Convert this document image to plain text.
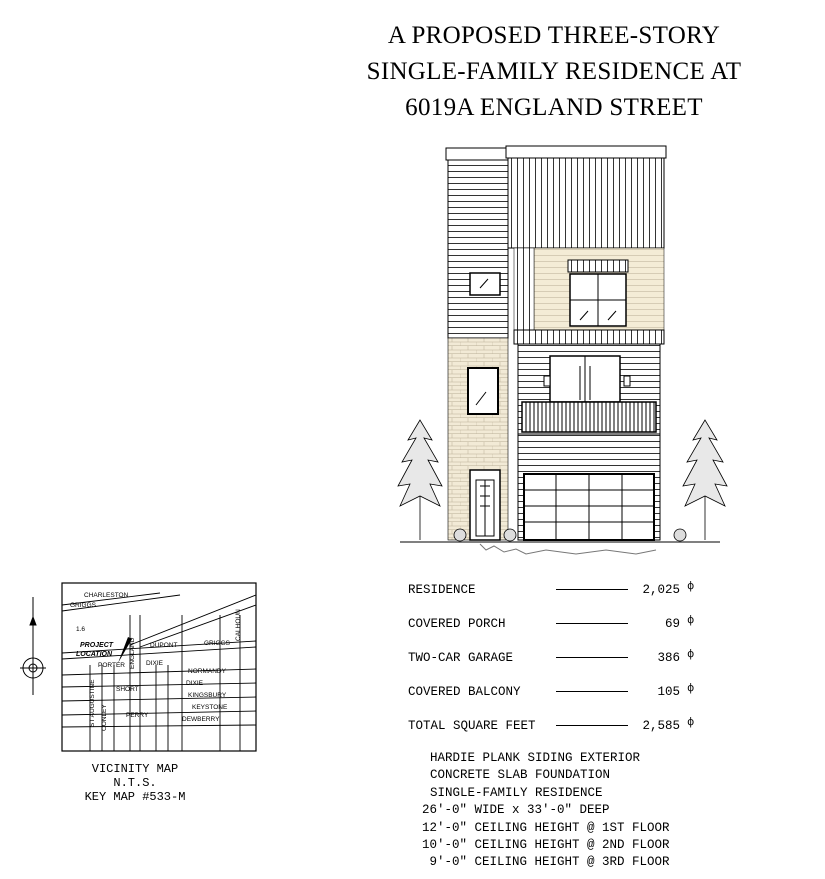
A PROPOSED THREE-STORY
SINGLE-FAMILY RESIDENCE AT
6019A ENGLAND STREET
CHARLESTON
GRIGGS
1.6
DUPONT	GRIGGS
PORTER	DIXIE
NORMANDY
DIXIE
SHORT
KINGSBURY
KEYSTONE
PERRY
DEWBERRY
CALHOUN
ENGLAND
ST AUGUSTINE CONLEY
PROJECT
LOCATION
VICINITY MAP
N.T.S.
KEY MAP #533-M
RESIDENCE	2,025 ф
COVERED PORCH	69 ф
TWO-CAR GARAGE	386 ф
COVERED BALCONY	105 ф
TOTAL SQUARE FEET	2,585 ф
HARDIE PLANK SIDING EXTERIOR
CONCRETE SLAB FOUNDATION
SINGLE-FAMILY RESIDENCE
26'-0" WIDE x 33'-0" DEEP
12'-0" CEILING HEIGHT @ 1ST FLOOR
10'-0" CEILING HEIGHT @ 2ND FLOOR
9'-0" CEILING HEIGHT @ 3RD FLOOR
